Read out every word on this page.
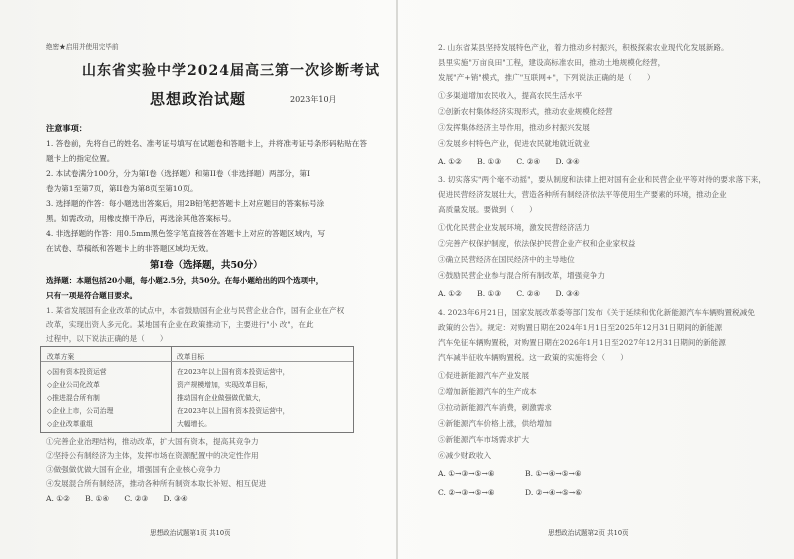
绝密★启用并使用完毕前
山东省实验中学2024届高三第一次诊断考试
思想政治试题	2023年10月
注意事项：
1. 答卷前，先将自己的姓名、准考证号填写在试题卷和答题卡上，并将准考证号条形码粘贴在答
题卡上的指定位置。
2. 本试卷满分100分，分为第I卷（选择题）和第II卷（非选择题）两部分，第I
卷为第1至第7页，第II卷为第8页至第10页。
3. 选择题的作答：每小题选出答案后，用2B铅笔把答题卡上对应题目的答案标号涂
黑。如需改动，用橡皮擦干净后，再选涂其他答案标号。
4. 非选择题的作答：用0.5mm黑色签字笔直接答在答题卡上对应的答题区域内，写
在试卷、草稿纸和答题卡上的非答题区域均无效。
第I卷（选择题，共50分）
选择题：本题包括20小题，每小题2.5分，共50分。在每小题给出的四个选项中，
只有一项是符合题目要求。
1. 某省发展国有企业改革的试点中，本省鼓励国有企业与民营企业合作，国有企业在产权
改革，实现出资人多元化。某地国有企业在政策推动下，主要进行"小 改"，在此
过程中，以下说法正确的是（　　）
改革方案	改革目标
◇国有资本投资运营
◇企业公司化改革
◇推进混合所有制
◇企业上市，公司治理
◇企业改革重组
在2023年以上国有资本投资运营中，
资产规模增加，实现改革目标，
推动国有企业做强做优做大，
在2023年以上国有资本投资运营中，
大幅增长。
①完善企业治理结构，推动改革，扩大国有资本，提高其竞争力
②坚持公有制经济为主体，发挥市场在资源配置中的决定性作用
③做强做优做大国有企业，增强国有企业核心竞争力
④发展混合所有制经济，推动各种所有制资本取长补短、相互促进
A. ①②　　B. ①④　　C. ②③　　D. ③④
思想政治试题第1页 共10页
2. 山东省某县坚持发展特色产业，着力推动乡村振兴，积极探索农业现代化发展新路。
县里实施"万亩良田"工程，建设高标准农田，推动土地规模化经营，
发展"产+销"模式，推广"互联网+"，下列说法正确的是（　　）
①多渠道增加农民收入，提高农民生活水平
②创新农村集体经济实现形式，推动农业规模化经营
③发挥集体经济主导作用，推动乡村振兴发展
④发展乡村特色产业，促进农民就地就近就业
A. ①②　　B. ①③　　C. ②④　　D. ③④
3. 切实落实"两个毫不动摇"，要从制度和法律上把对国有企业和民营企业平等对待的要求落下来，
促进民营经济发展壮大，营造各种所有制经济依法平等使用生产要素的环境，推动企业
高质量发展。要做到（　　）
①优化民营企业发展环境，激发民营经济活力
②完善产权保护制度，依法保护民营企业产权和企业家权益
③确立民营经济在国民经济中的主导地位
④鼓励民营企业参与混合所有制改革，增强竞争力
A. ①②　　B. ①③　　C. ②④　　D. ③④
4. 2023年6月21日，国家发展改革委等部门发布《关于延续和优化新能源汽车车辆购置税减免
政策的公告》。规定：对购置日期在2024年1月1日至2025年12月31日期间的新能源
汽车免征车辆购置税，对购置日期在2026年1月1日至2027年12月31日期间的新能源
汽车减半征收车辆购置税。这一政策的实施将会（　　）
①促进新能源汽车产业发展
②增加新能源汽车的生产成本
③拉动新能源汽车消费，刺激需求
④新能源汽车价格上涨，供给增加
⑤新能源汽车市场需求扩大
⑥减少财政收入
A. ①→③→⑤→⑥　　　　B. ①→④→⑤→⑥
C. ②→③→⑤→⑥　　　　D. ②→④→⑤→⑥
思想政治试题第2页 共10页
